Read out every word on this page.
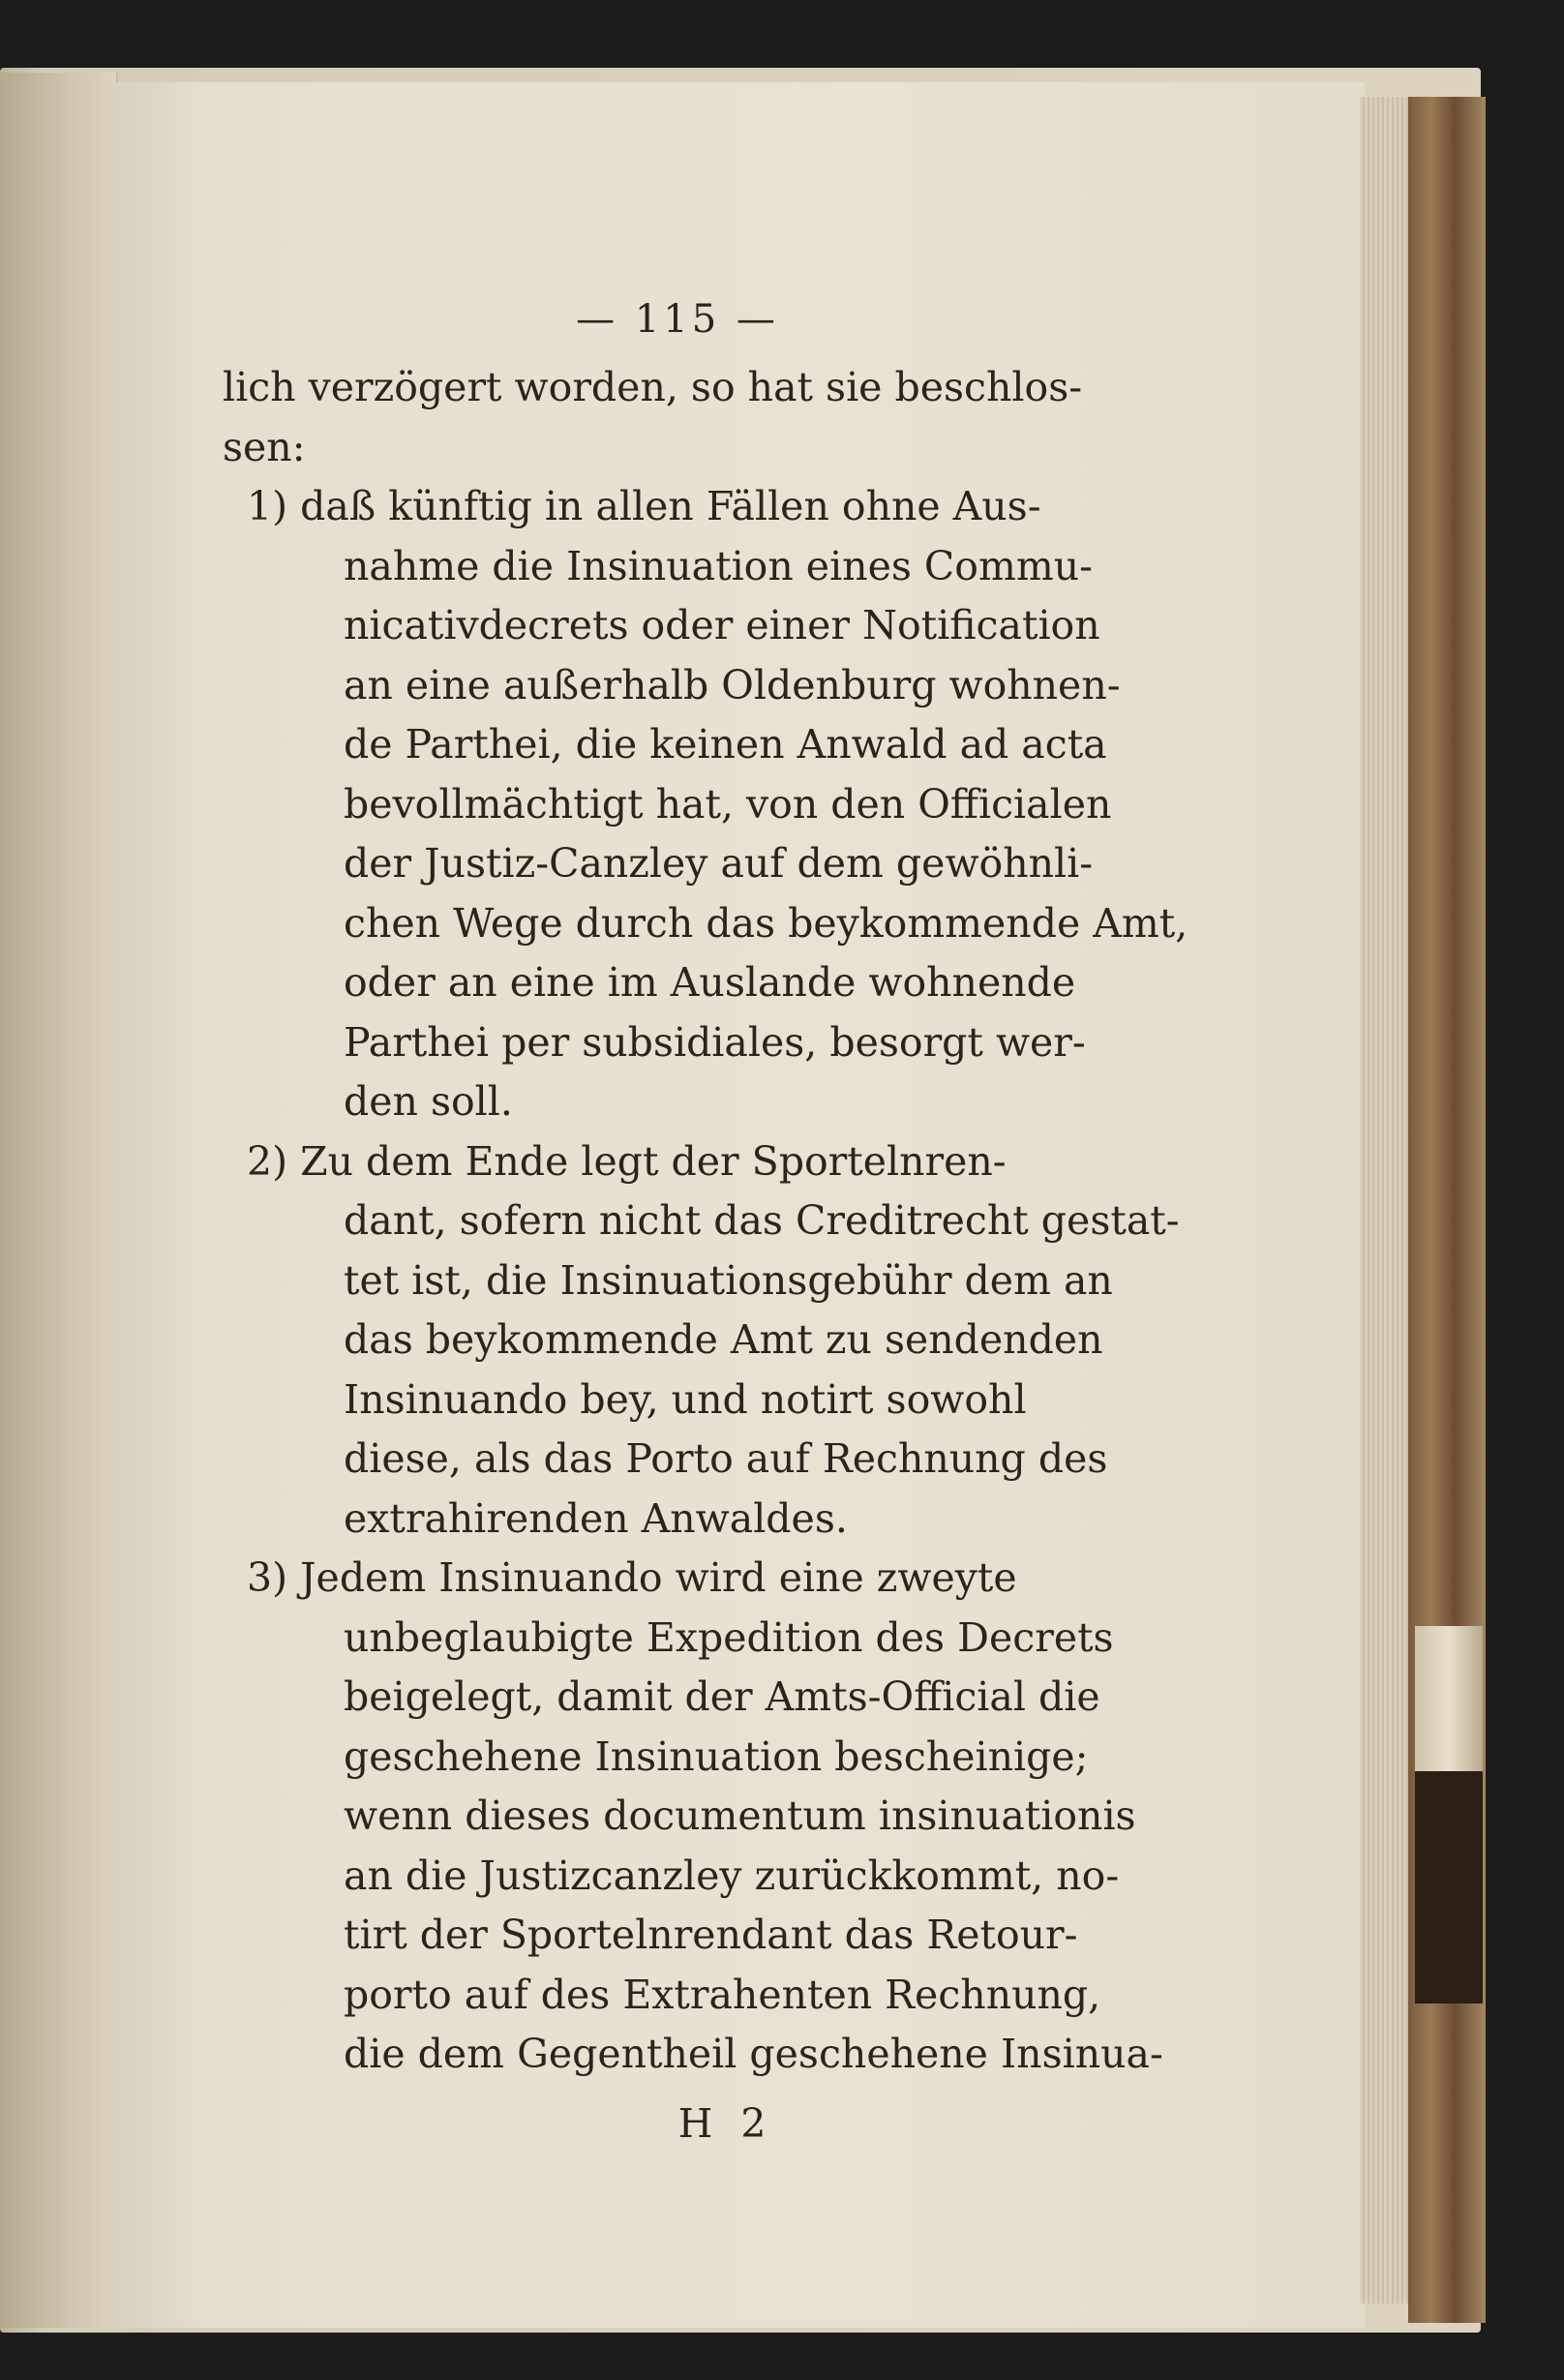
— 115 —
lich verzögert worden, so hat sie beschlos-
sen:
1) daß künftig in allen Fällen ohne Aus-
nahme die Insinuation eines Commu-
nicativdecrets oder einer Notification
an eine außerhalb Oldenburg wohnen-
de Parthei, die keinen Anwald ad acta
bevollmächtigt hat, von den Officialen
der Justiz-Canzley auf dem gewöhnli-
chen Wege durch das beykommende Amt,
oder an eine im Auslande wohnende
Parthei per subsidiales, besorgt wer-
den soll.
2) Zu dem Ende legt der Sportelnren-
dant, sofern nicht das Creditrecht gestat-
tet ist, die Insinuationsgebühr dem an
das beykommende Amt zu sendenden
Insinuando bey, und notirt sowohl
diese, als das Porto auf Rechnung des
extrahirenden Anwaldes.
3) Jedem Insinuando wird eine zweyte
unbeglaubigte Expedition des Decrets
beigelegt, damit der Amts-Official die
geschehene Insinuation bescheinige;
wenn dieses documentum insinuationis
an die Justizcanzley zurückkommt, no-
tirt der Sportelnrendant das Retour-
porto auf des Extrahenten Rechnung,
die dem Gegentheil geschehene Insinua-
H 2
